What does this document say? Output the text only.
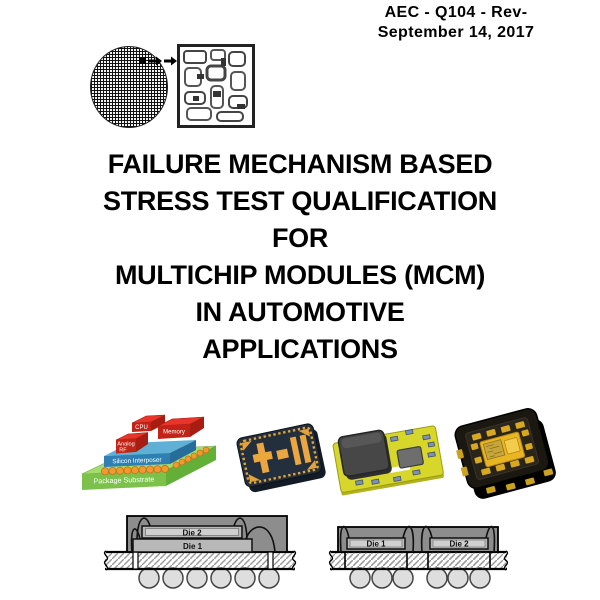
AEC - Q104 - Rev-
September 14, 2017
FAILURE MECHANISM BASED
STRESS TEST QUALIFICATION
FOR
MULTICHIP MODULES (MCM)
IN AUTOMOTIVE
APPLICATIONS
Package Substrate
Silicon Interposer
CPU
Memory
Analog
RF
Die 1
Die 2
Die 1	Die 2
